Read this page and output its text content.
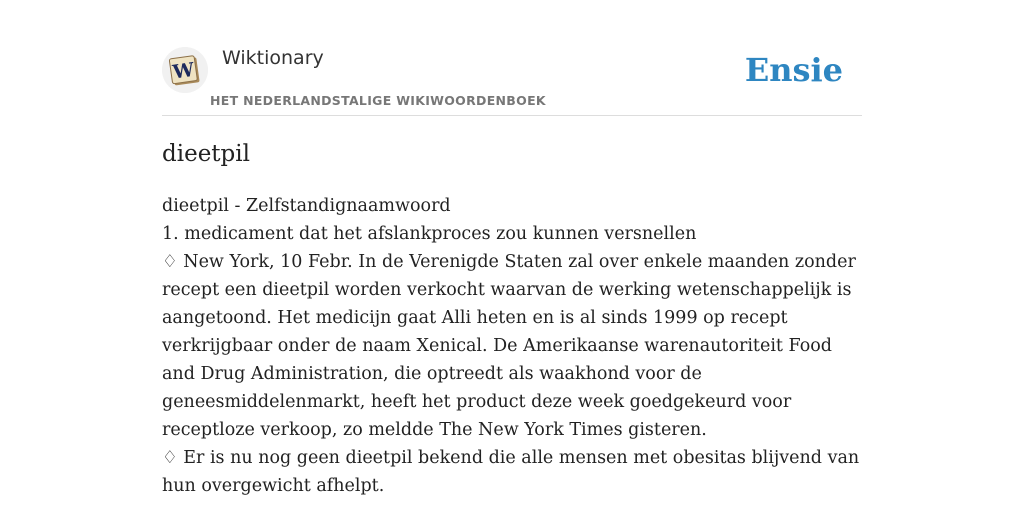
W
Wiktionary
HET NEDERLANDSTALIGE WIKIWOORDENBOEK
Ensie
dieetpil

dieetpil - Zelfstandignaamwoord

1. medicament dat het afslankproces zou kunnen versnellen

♢ New York, 10 Febr. In de Verenigde Staten zal over enkele maanden zonder recept een dieetpil worden verkocht waarvan de werking wetenschappelijk is aangetoond. Het medicijn gaat Alli heten en is al sinds 1999 op recept verkrijgbaar onder de naam Xenical. De Amerikaanse warenautoriteit Food and Drug Administration, die optreedt als waakhond voor de geneesmiddelenmarkt, heeft het product deze week goedgekeurd voor receptloze verkoop, zo meldde The New York Times gisteren.

♢ Er is nu nog geen dieetpil bekend die alle mensen met obesitas blijvend van hun overgewicht afhelpt.
